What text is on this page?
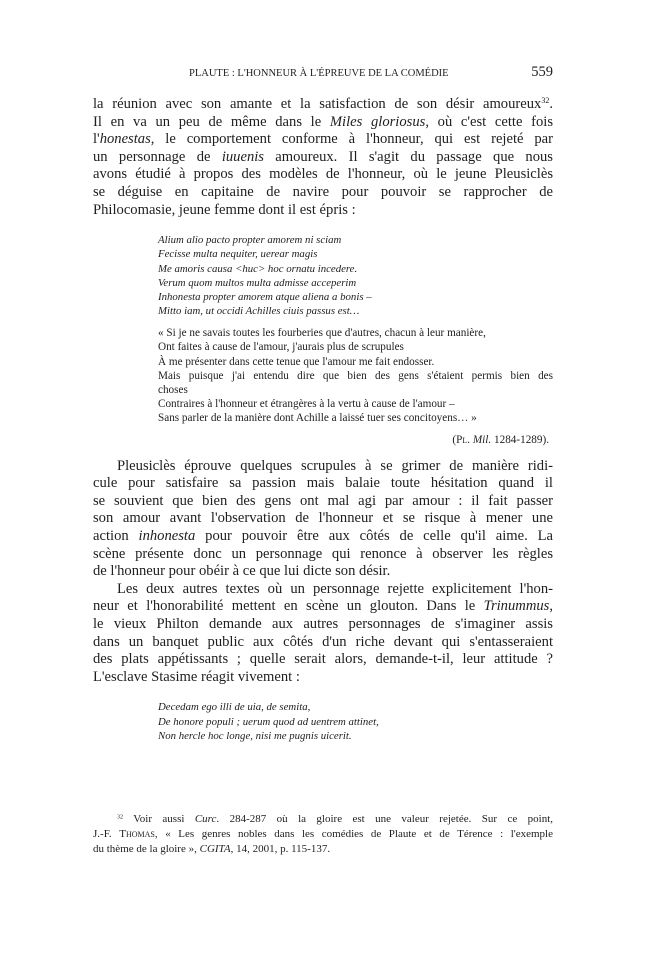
PLAUTE : L'HONNEUR À L'ÉPREUVE DE LA COMÉDIE	559
la réunion avec son amante et la satisfaction de son désir amoureux$^{32}$.
Il en va un peu de même dans le Miles gloriosus, où c'est cette fois
l'honestas, le comportement conforme à l'honneur, qui est rejeté par
un personnage de iuuenis amoureux. Il s'agit du passage que nous
avons étudié à propos des modèles de l'honneur, où le jeune Pleusiclès
se déguise en capitaine de navire pour pouvoir se rapprocher de
Philocomasie, jeune femme dont il est épris :
Alium alio pacto propter amorem ni sciam
Fecisse multa nequiter, uerear magis
Me amoris causa <huc> hoc ornatu incedere.
Verum quom multos multa admisse acceperim
Inhonesta propter amorem atque aliena a bonis –
Mitto iam, ut occidi Achilles ciuis passus est…
« Si je ne savais toutes les fourberies que d'autres, chacun à leur manière,
Ont faites à cause de l'amour, j'aurais plus de scrupules
À me présenter dans cette tenue que l'amour me fait endosser.
Mais puisque j'ai entendu dire que bien des gens s'étaient permis bien des
choses
Contraires à l'honneur et étrangères à la vertu à cause de l'amour –
Sans parler de la manière dont Achille a laissé tuer ses concitoyens… »
(Pl. Mil. 1284-1289).
Pleusiclès éprouve quelques scrupules à se grimer de manière ridi-
cule pour satisfaire sa passion mais balaie toute hésitation quand il
se souvient que bien des gens ont mal agi par amour : il fait passer
son amour avant l'observation de l'honneur et se risque à mener une
action inhonesta pour pouvoir être aux côtés de celle qu'il aime. La
scène présente donc un personnage qui renonce à observer les règles
de l'honneur pour obéir à ce que lui dicte son désir.
Les deux autres textes où un personnage rejette explicitement l'hon-
neur et l'honorabilité mettent en scène un glouton. Dans le Trinummus,
le vieux Philton demande aux autres personnages de s'imaginer assis
dans un banquet public aux côtés d'un riche devant qui s'entasseraient
des plats appétissants ; quelle serait alors, demande-t-il, leur attitude ?
L'esclave Stasime réagit vivement :
Decedam ego illi de uia, de semita,
De honore populi ; uerum quod ad uentrem attinet,
Non hercle hoc longe, nisi me pugnis uicerit.
$^{32}$ Voir aussi Curc. 284-287 où la gloire est une valeur rejetée. Sur ce point,
J.-F. Thomas, « Les genres nobles dans les comédies de Plaute et de Térence : l'exemple
du thème de la gloire », CGITA, 14, 2001, p. 115-137.
